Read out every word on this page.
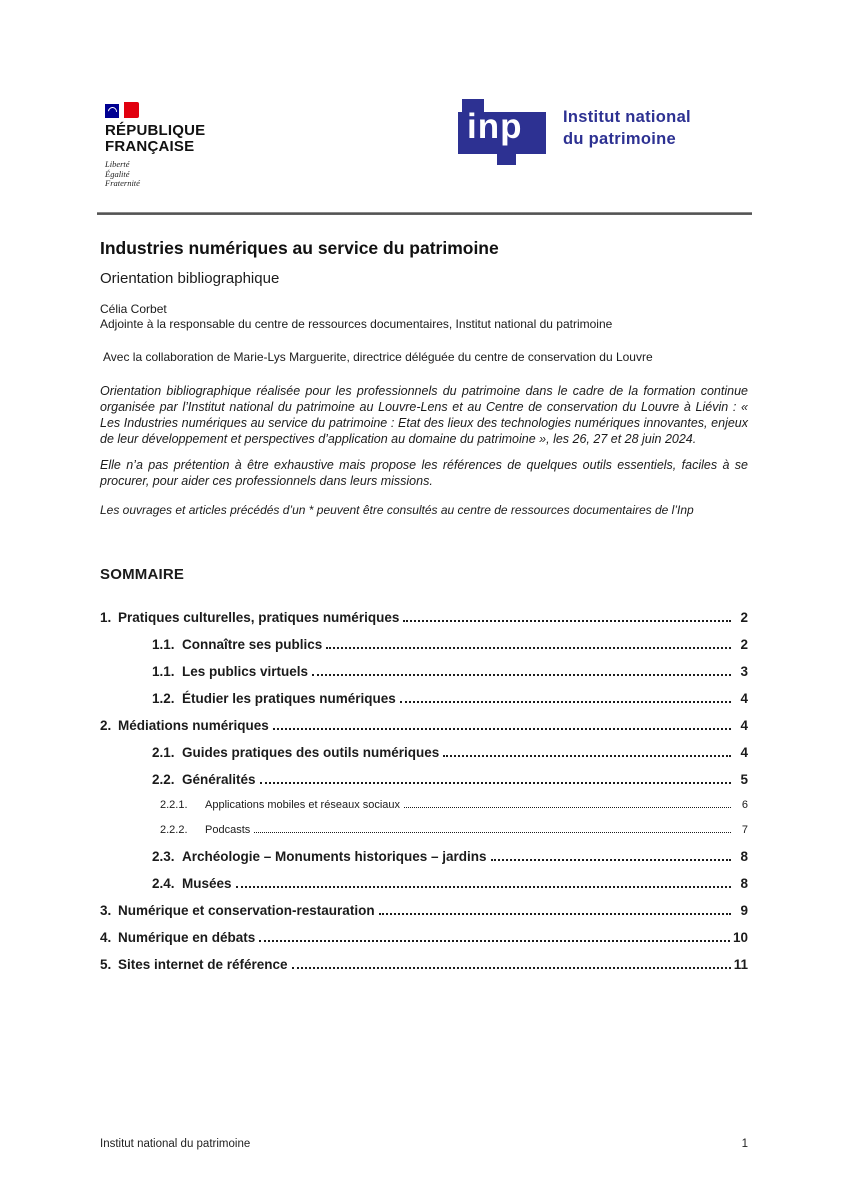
RÉPUBLIQUE
FRANÇAISE
Liberté
Égalité
Fraternité
inp Institut national
du patrimoine
Industries numériques au service du patrimoine
Orientation bibliographique
Célia Corbet
Adjointe à la responsable du centre de ressources documentaires, Institut national du patrimoine
Avec la collaboration de Marie-Lys Marguerite, directrice déléguée du centre de conservation du Louvre

Orientation bibliographique réalisée pour les professionnels du patrimoine dans le cadre de la formation continue organisée par l’Institut national du patrimoine au Louvre-Lens et au Centre de conservation du Louvre à Liévin : « Les Industries numériques au service du patrimoine : Etat des lieux des technologies numériques innovantes, enjeux de leur développement et perspectives d’application au domaine du patrimoine », les 26, 27 et 28 juin 2024.

Elle n’a pas prétention à être exhaustive mais propose les références de quelques outils essentiels, faciles à se procurer, pour aider ces professionnels dans leurs missions.

Les ouvrages et articles précédés d’un * peuvent être consultés au centre de ressources documentaires de l’Inp

SOMMAIRE
1. Pratiques culturelles, pratiques numériques	2
1.1. Connaître ses publics	2
1.1. Les publics virtuels	3
1.2. Étudier les pratiques numériques	4
2. Médiations numériques	4
2.1. Guides pratiques des outils numériques	4
2.2. Généralités	5
2.2.1.	Applications mobiles et réseaux sociaux	6
2.2.2.	Podcasts	7
2.3. Archéologie – Monuments historiques – jardins	8
2.4. Musées	8
3. Numérique et conservation-restauration	9
4. Numérique en débats	10
5. Sites internet de référence	11
Institut national du patrimoine	1
